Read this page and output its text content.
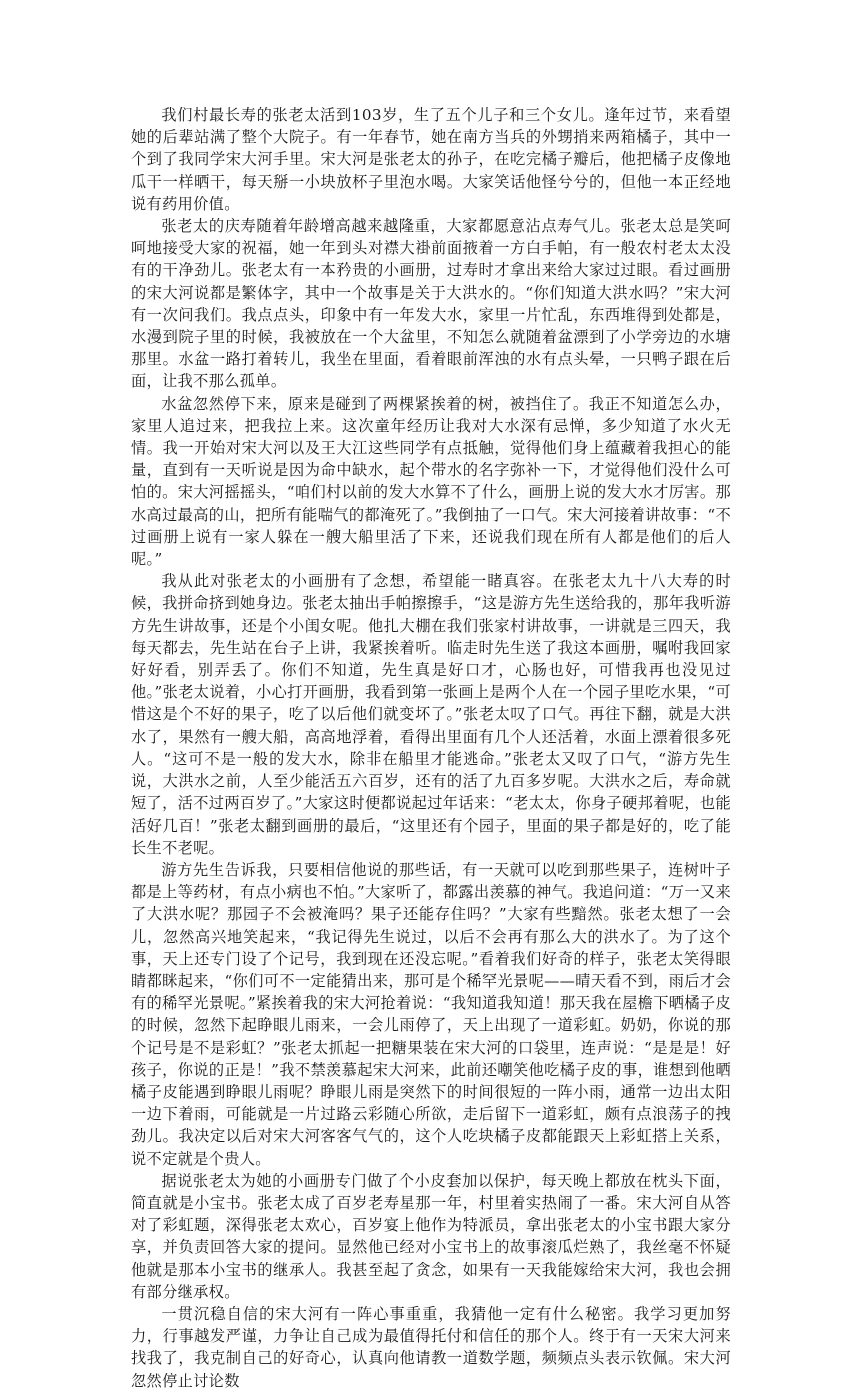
我们村最长寿的张老太活到103岁，生了五个儿子和三个女儿。逢年过节，来看望她的后辈站满了整个大院子。有一年春节，她在南方当兵的外甥捎来两箱橘子，其中一个到了我同学宋大河手里。宋大河是张老太的孙子，在吃完橘子瓣后，他把橘子皮像地瓜干一样晒干，每天掰一小块放杯子里泡水喝。大家笑话他怪兮兮的，但他一本正经地说有药用价值。

张老太的庆寿随着年龄增高越来越隆重，大家都愿意沾点寿气儿。张老太总是笑呵呵地接受大家的祝福，她一年到头对襟大褂前面掖着一方白手帕，有一般农村老太太没有的干净劲儿。张老太有一本矜贵的小画册，过寿时才拿出来给大家过过眼。看过画册的宋大河说都是繁体字，其中一个故事是关于大洪水的。“你们知道大洪水吗？”宋大河有一次问我们。我点点头，印象中有一年发大水，家里一片忙乱，东西堆得到处都是，水漫到院子里的时候，我被放在一个大盆里，不知怎么就随着盆漂到了小学旁边的水塘那里。水盆一路打着转儿，我坐在里面，看着眼前浑浊的水有点头晕，一只鸭子跟在后面，让我不那么孤单。

水盆忽然停下来，原来是碰到了两棵紧挨着的树，被挡住了。我正不知道怎么办，家里人追过来，把我拉上来。这次童年经历让我对大水深有忌惮，多少知道了水火无情。我一开始对宋大河以及王大江这些同学有点抵触，觉得他们身上蕴藏着我担心的能量，直到有一天听说是因为命中缺水，起个带水的名字弥补一下，才觉得他们没什么可怕的。宋大河摇摇头，“咱们村以前的发大水算不了什么，画册上说的发大水才厉害。那水高过最高的山，把所有能喘气的都淹死了。”我倒抽了一口气。宋大河接着讲故事：“不过画册上说有一家人躲在一艘大船里活了下来，还说我们现在所有人都是他们的后人呢。”

我从此对张老太的小画册有了念想，希望能一睹真容。在张老太九十八大寿的时候，我拼命挤到她身边。张老太抽出手帕擦擦手，“这是游方先生送给我的，那年我听游方先生讲故事，还是个小闺女呢。他扎大棚在我们张家村讲故事，一讲就是三四天，我每天都去，先生站在台子上讲，我紧挨着听。临走时先生送了我这本画册，嘱咐我回家好好看，别弄丢了。你们不知道，先生真是好口才，心肠也好，可惜我再也没见过他。”张老太说着，小心打开画册，我看到第一张画上是两个人在一个园子里吃水果，“可惜这是个不好的果子，吃了以后他们就变坏了。”张老太叹了口气。再往下翻，就是大洪水了，果然有一艘大船，高高地浮着，看得出里面有几个人还活着，水面上漂着很多死人。“这可不是一般的发大水，除非在船里才能逃命。”张老太又叹了口气，“游方先生说，大洪水之前，人至少能活五六百岁，还有的活了九百多岁呢。大洪水之后，寿命就短了，活不过两百岁了。”大家这时便都说起过年话来：“老太太，你身子硬邦着呢，也能活好几百！”张老太翻到画册的最后，“这里还有个园子，里面的果子都是好的，吃了能长生不老呢。

游方先生告诉我，只要相信他说的那些话，有一天就可以吃到那些果子，连树叶子都是上等药材，有点小病也不怕。”大家听了，都露出羡慕的神气。我追问道：“万一又来了大洪水呢？那园子不会被淹吗？果子还能存住吗？”大家有些黯然。张老太想了一会儿，忽然高兴地笑起来，“我记得先生说过，以后不会再有那么大的洪水了。为了这个事，天上还专门设了个记号，我到现在还没忘呢。”看着我们好奇的样子，张老太笑得眼睛都眯起来，“你们可不一定能猜出来，那可是个稀罕光景呢——晴天看不到，雨后才会有的稀罕光景呢。”紧挨着我的宋大河抢着说：“我知道我知道！那天我在屋檐下晒橘子皮的时候，忽然下起睁眼儿雨来，一会儿雨停了，天上出现了一道彩虹。奶奶，你说的那个记号是不是彩虹？”张老太抓起一把糖果装在宋大河的口袋里，连声说：“是是是！好孩子，你说的正是！”我不禁羡慕起宋大河来，此前还嘲笑他吃橘子皮的事，谁想到他晒橘子皮能遇到睁眼儿雨呢？睁眼儿雨是突然下的时间很短的一阵小雨，通常一边出太阳一边下着雨，可能就是一片过路云彩随心所欲，走后留下一道彩虹，颇有点浪荡子的拽劲儿。我决定以后对宋大河客客气气的，这个人吃块橘子皮都能跟天上彩虹搭上关系，说不定就是个贵人。

据说张老太为她的小画册专门做了个小皮套加以保护，每天晚上都放在枕头下面，简直就是小宝书。张老太成了百岁老寿星那一年，村里着实热闹了一番。宋大河自从答对了彩虹题，深得张老太欢心，百岁宴上他作为特派员，拿出张老太的小宝书跟大家分享，并负责回答大家的提问。显然他已经对小宝书上的故事滚瓜烂熟了，我丝毫不怀疑他就是那本小宝书的继承人。我甚至起了贪念，如果有一天我能嫁给宋大河，我也会拥有部分继承权。

一贯沉稳自信的宋大河有一阵心事重重，我猜他一定有什么秘密。我学习更加努力，行事越发严谨，力争让自己成为最值得托付和信任的那个人。终于有一天宋大河来找我了，我克制自己的好奇心，认真向他请教一道数学题，频频点头表示钦佩。宋大河忽然停止讨论数
